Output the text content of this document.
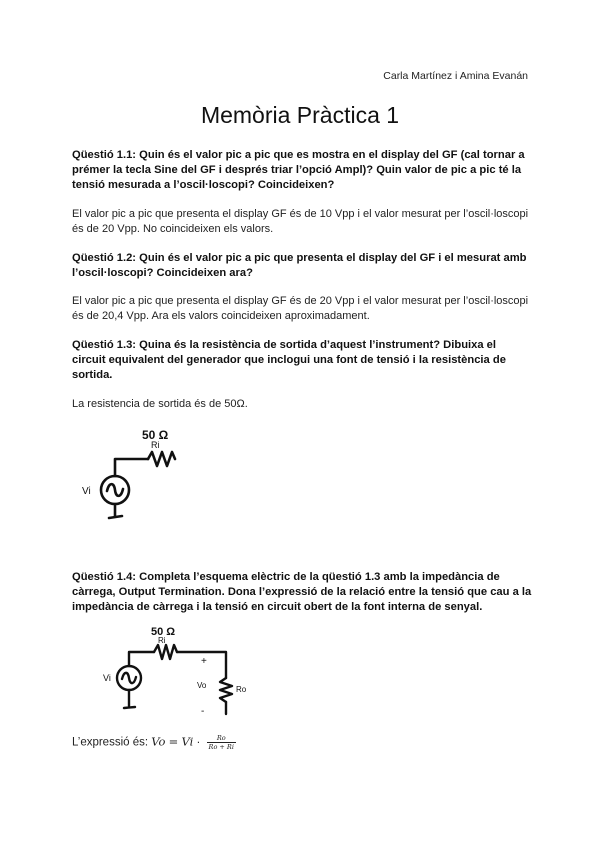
Carla Martínez i Amina Evanán
Memòria Pràctica 1
Qüestió 1.1: Quin és el valor pic a pic que es mostra en el display del GF (cal tornar a prémer la tecla Sine del GF i després triar l’opció Ampl)? Quin valor de pic a pic té la tensió mesurada a l’oscil·loscopi? Coincideixen?
El valor pic a pic que presenta el display GF és de 10 Vpp i el valor mesurat per l’oscil·loscopi és de 20 Vpp. No coincideixen els valors.
Qüestió 1.2: Quin és el valor pic a pic que presenta el display del GF i el mesurat amb l’oscil·loscopi? Coincideixen ara?
El valor pic a pic que presenta el display GF és de 20 Vpp i el valor mesurat per l’oscil·loscopi és de 20,4 Vpp. Ara els valors coincideixen aproximadament.
Qüestió 1.3: Quina és la resistència de sortida d’aquest l’instrument? Dibuixa el circuit equivalent del generador que inclogui una font de tensió i la resistència de sortida.
La resistencia de sortida és de 50Ω.
50 Ω
Ri
Vi
Qüestió 1.4: Completa l’esquema elèctric de la qüestió 1.3 amb la impedància de càrrega, Output Termination. Dona l’expressió de la relació entre la tensió que cau a la impedància de càrrega i la tensió en circuit obert de la font interna de senyal.
50 Ω
Ri
Vi
+
Vo	Ro
-
L’expressió és: $Vo = Vi \cdot \frac{Ro}{Ro + Ri}$
